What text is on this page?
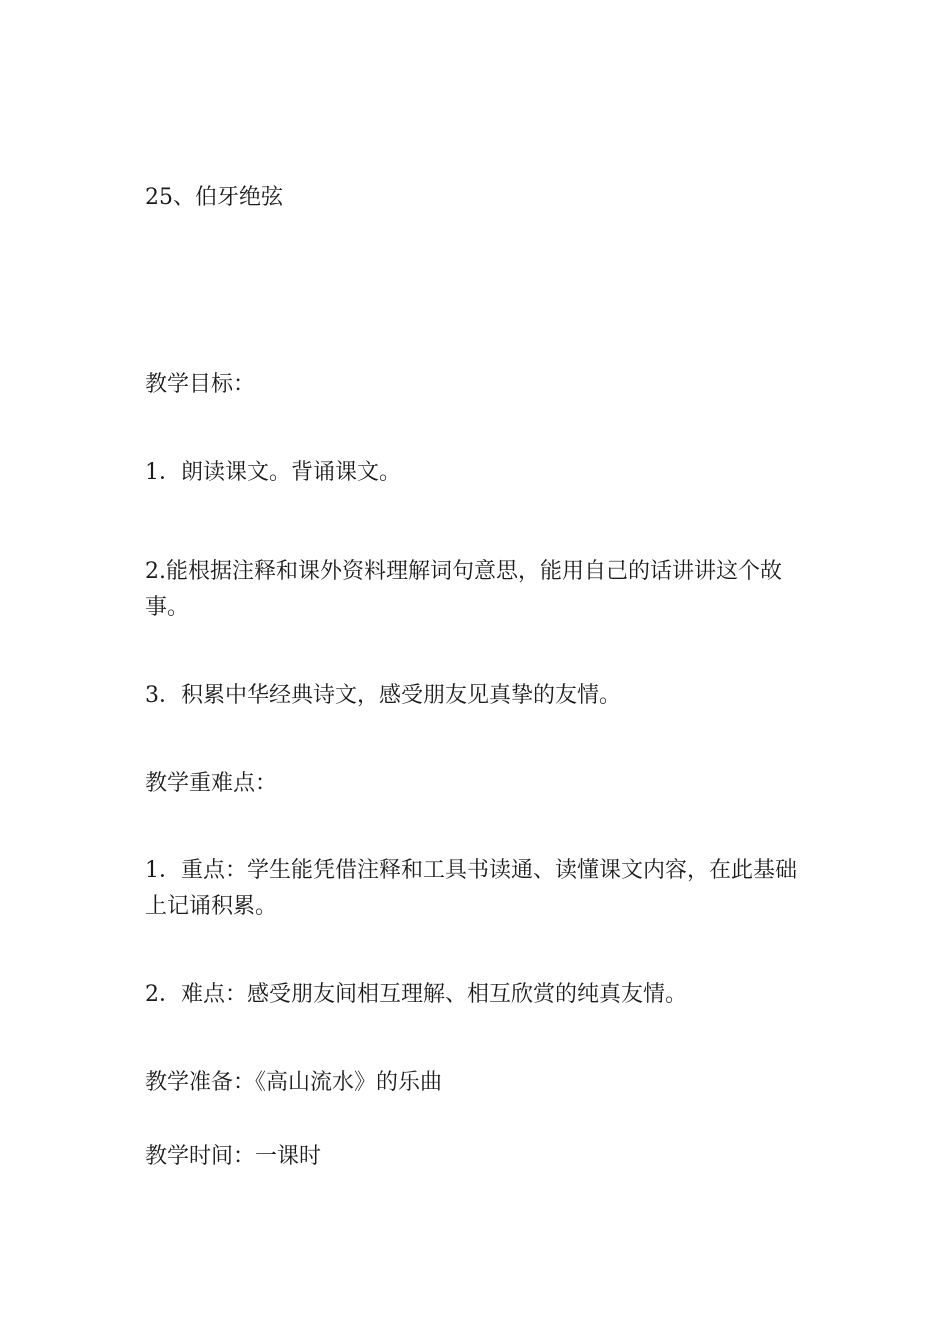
25、伯牙绝弦

教学目标：

1．朗读课文。背诵课文。

2.能根据注释和课外资料理解词句意思，能用自己的话讲讲这个故事。

3．积累中华经典诗文，感受朋友见真挚的友情。

教学重难点：

1．重点：学生能凭借注释和工具书读通、读懂课文内容，在此基础上记诵积累。

2．难点：感受朋友间相互理解、相互欣赏的纯真友情。

教学准备：《高山流水》的乐曲

教学时间：一课时
